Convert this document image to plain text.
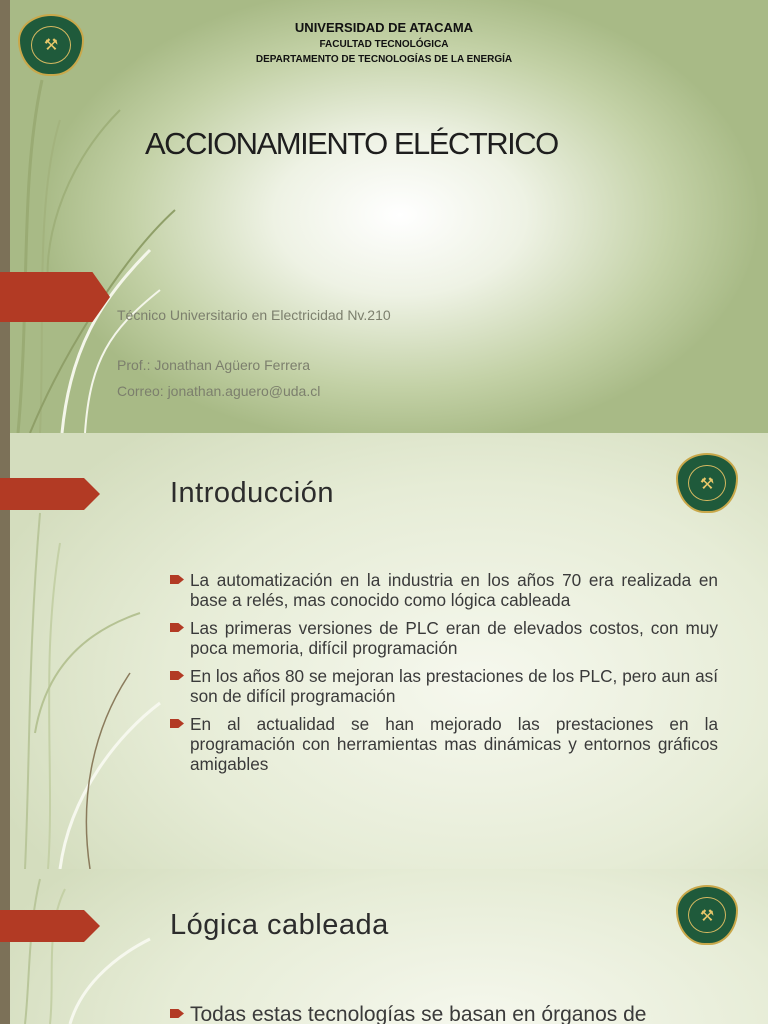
⚒
UNIVERSIDAD DE ATACAMA
FACULTAD TECNOLÓGICA
DEPARTAMENTO DE TECNOLOGÍAS DE LA ENERGÍA
ACCIONAMIENTO ELÉCTRICO
Técnico Universitario en Electricidad Nv.210
Prof.: Jonathan Agüero Ferrera
Correo: jonathan.aguero@uda.cl
Introducción	⚒
La automatización en la industria en los años 70 era realizada en base a relés, mas conocido como lógica cableada
Las primeras versiones de PLC eran de elevados costos, con muy poca memoria, difícil programación
En los años 80 se mejoran las prestaciones de los PLC, pero aun así son de difícil programación
En al actualidad se han mejorado las prestaciones en la programación con herramientas mas dinámicas y entornos gráficos amigables
Lógica cableada	⚒
Todas estas tecnologías se basan en órganos de
